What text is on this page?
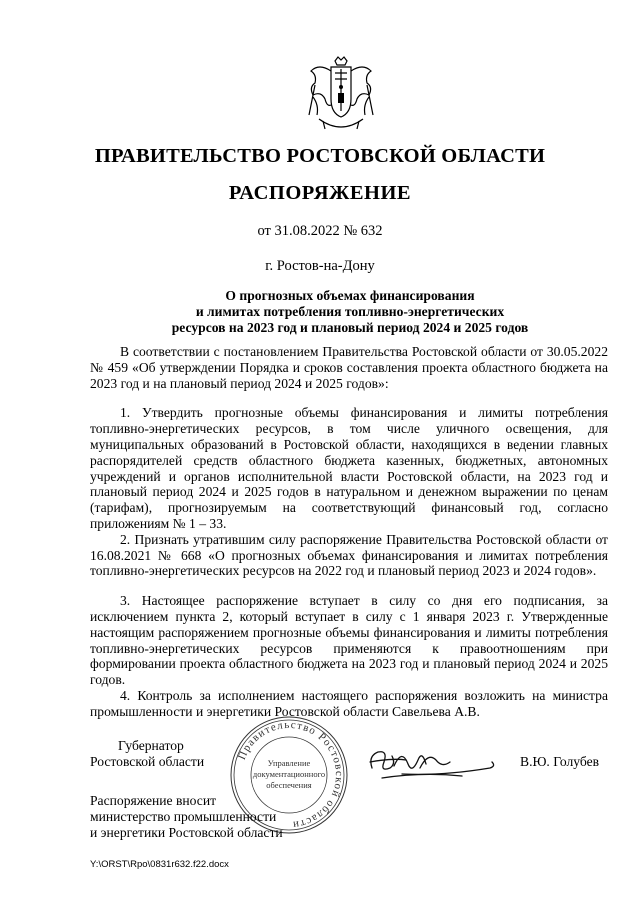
ПРАВИТЕЛЬСТВО РОСТОВСКОЙ ОБЛАСТИ
РАСПОРЯЖЕНИЕ
от 31.08.2022 № 632
г. Ростов-на-Дону
О прогнозных объемах финансирования
и лимитах потребления топливно-энергетических
ресурсов на 2023 год и плановый период 2024 и 2025 годов

В соответствии с постановлением Правительства Ростовской области от 30.05.2022 № 459 «Об утверждении Порядка и сроков составления проекта областного бюджета на 2023 год и на плановый период 2024 и 2025 годов»:

1. Утвердить прогнозные объемы финансирования и лимиты потребления топливно-энергетических ресурсов, в том числе уличного освещения, для муниципальных образований в Ростовской области, находящихся в ведении главных распорядителей средств областного бюджета казенных, бюджетных, автономных учреждений и органов исполнительной власти Ростовской области, на 2023 год и плановый период 2024 и 2025 годов в натуральном и денежном выражении по ценам (тарифам), прогнозируемым на соответствующий финансовый год, согласно приложениям № 1 – 33.

2. Признать утратившим силу распоряжение Правительства Ростовской области от 16.08.2021 № 668 «О прогнозных объемах финансирования и лимитах потребления топливно-энергетических ресурсов на 2022 год и плановый период 2023 и 2024 годов».

3. Настоящее распоряжение вступает в силу со дня его подписания, за исключением пункта 2, который вступает в силу с 1 января 2023 г. Утвержденные настоящим распоряжением прогнозные объемы финансирования и лимиты потребления топливно-энергетических ресурсов применяются к правоотношениям при формировании проекта областного бюджета на 2023 год и плановый период 2024 и 2025 годов.

4. Контроль за исполнением настоящего распоряжения возложить на министра промышленности и энергетики Ростовской области Савельева А.В.

Губернатор
Ростовской области	Правительство Ростовской области
Управление
документационного
обеспечения
В.Ю. Голубев
Распоряжение вносит
министерство промышленности
и энергетики Ростовской области
Y:\ORST\Rpo\0831r632.f22.docx
